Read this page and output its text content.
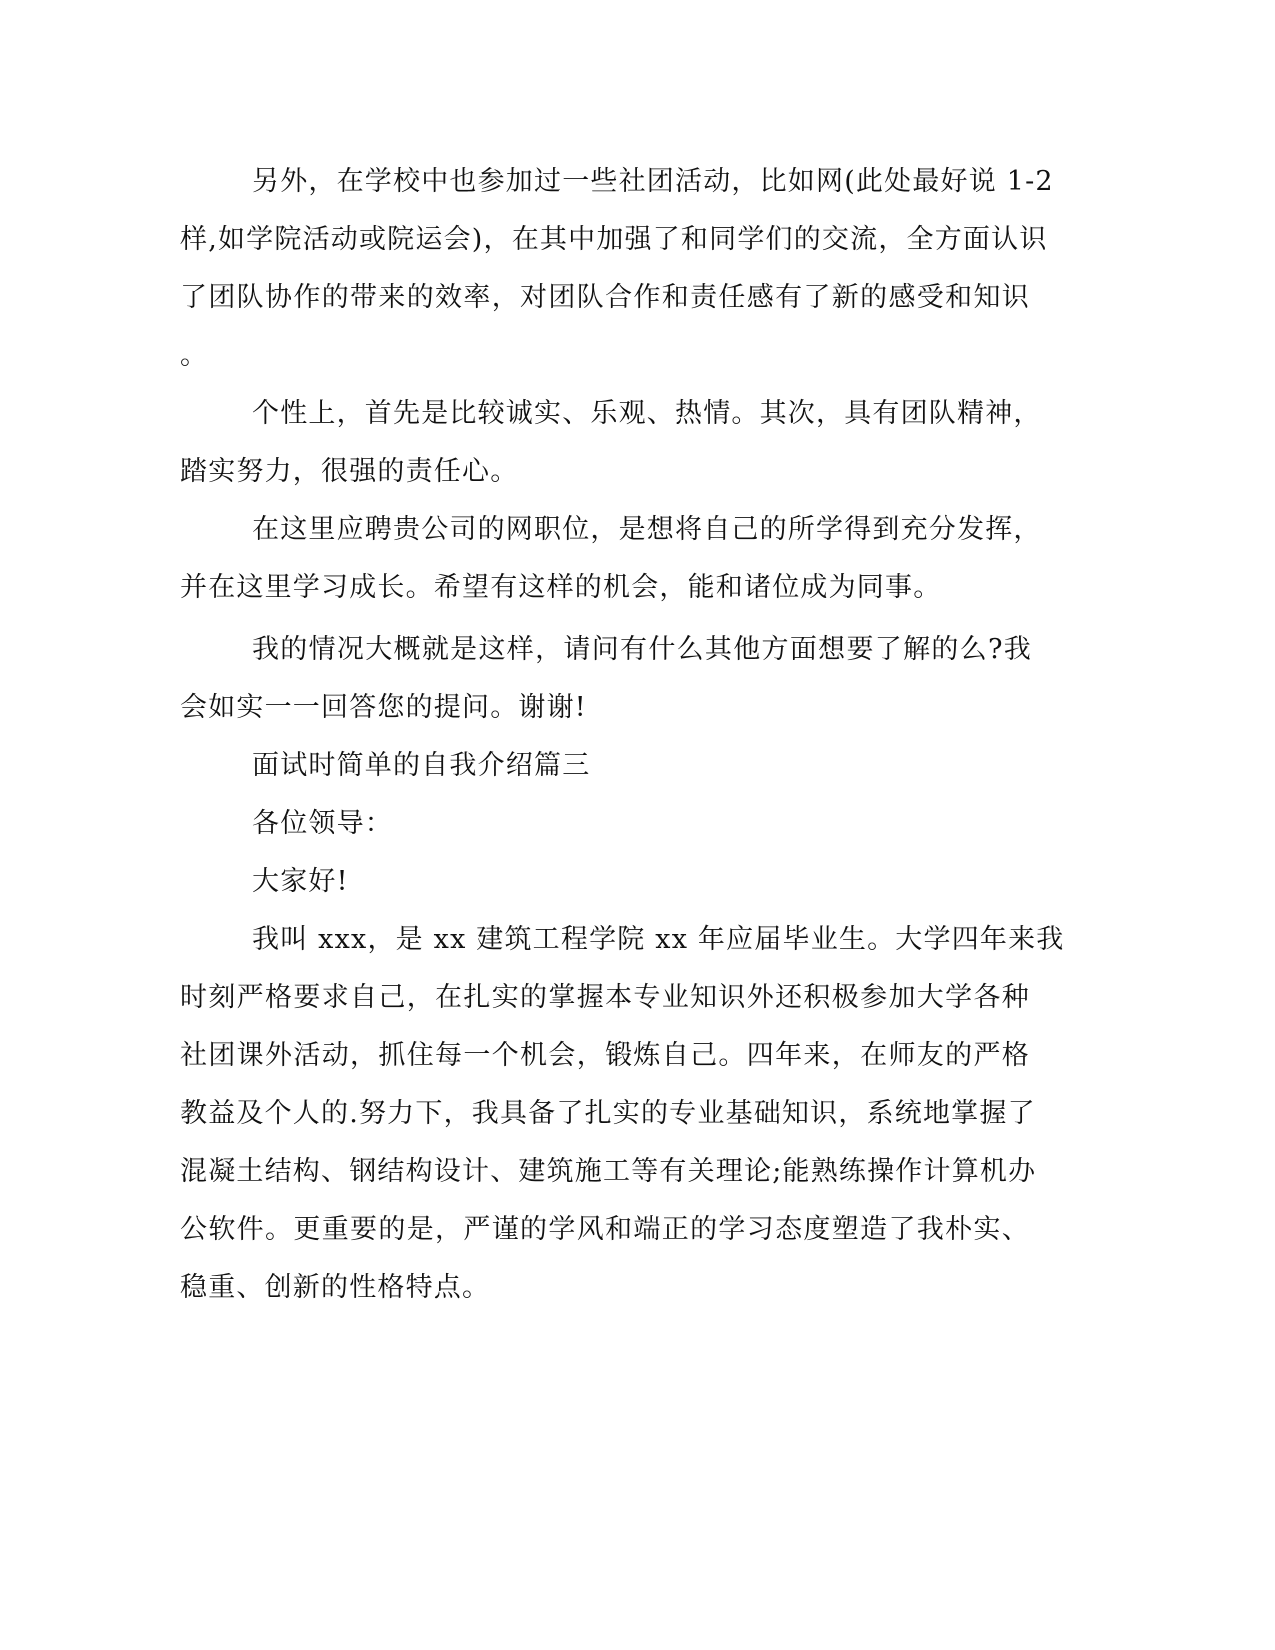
另外，在学校中也参加过一些社团活动，比如网(此处最好说 1-2

样,如学院活动或院运会)，在其中加强了和同学们的交流，全方面认识

了团队协作的带来的效率，对团队合作和责任感有了新的感受和知识

。

个性上，首先是比较诚实、乐观、热情。其次，具有团队精神，

踏实努力，很强的责任心。

在这里应聘贵公司的网职位，是想将自己的所学得到充分发挥，

并在这里学习成长。希望有这样的机会，能和诸位成为同事。

我的情况大概就是这样，请问有什么其他方面想要了解的么?我

会如实一一回答您的提问。谢谢!

面试时简单的自我介绍篇三

各位领导：

大家好!

我叫 xxx，是 xx 建筑工程学院 xx 年应届毕业生。大学四年来我

时刻严格要求自己，在扎实的掌握本专业知识外还积极参加大学各种

社团课外活动，抓住每一个机会，锻炼自己。四年来，在师友的严格

教益及个人的.努力下，我具备了扎实的专业基础知识，系统地掌握了

混凝土结构、钢结构设计、建筑施工等有关理论;能熟练操作计算机办

公软件。更重要的是，严谨的学风和端正的学习态度塑造了我朴实、

稳重、创新的性格特点。
